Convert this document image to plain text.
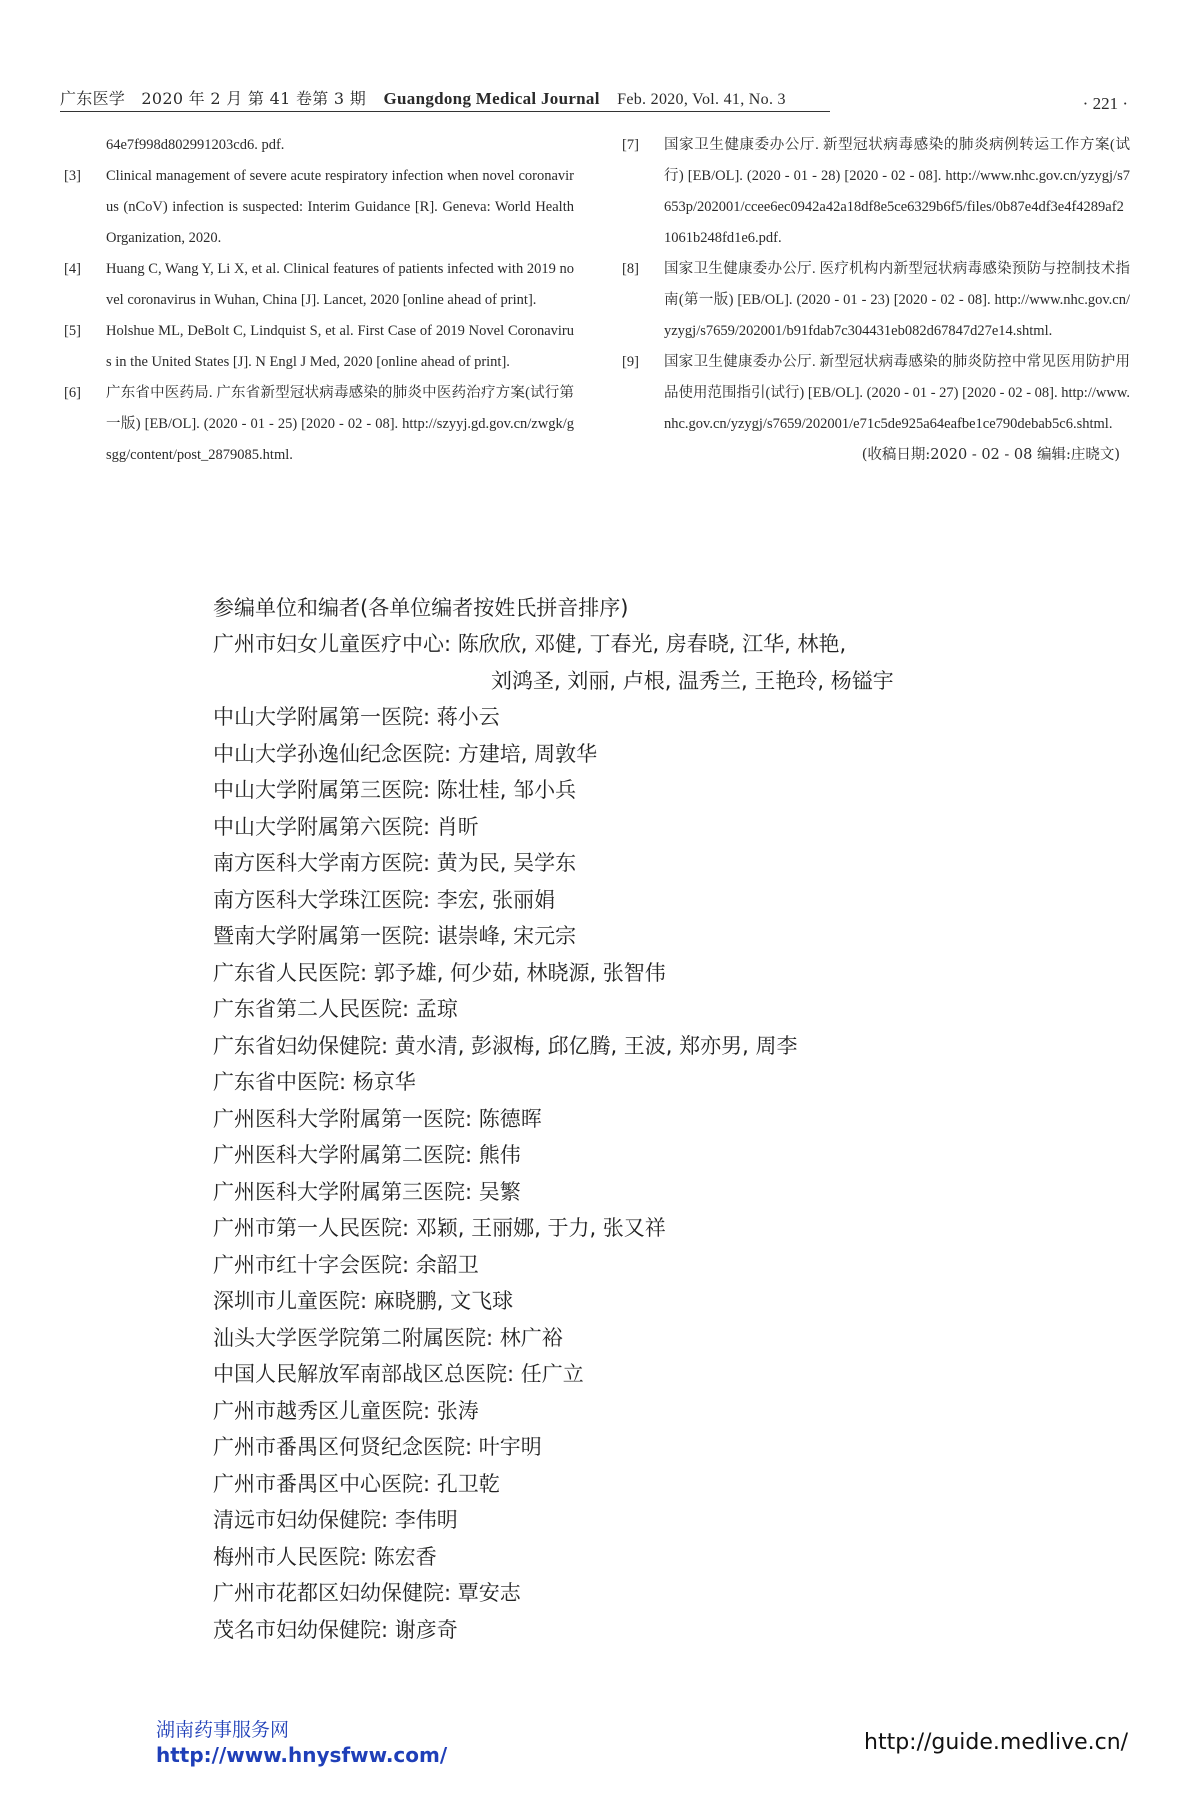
广东医学 2020 年 2 月 第 41 卷第 3 期 Guangdong Medical Journal Feb. 2020, Vol. 41, No. 3	· 221 ·
64e7f998d802991203cd6. pdf.
[3] Clinical management of severe acute respiratory infection when novel coronavirus (nCoV) infection is suspected: Interim Guidance [R]. Geneva: World Health Organization, 2020.
[4] Huang C, Wang Y, Li X, et al. Clinical features of patients infected with 2019 novel coronavirus in Wuhan, China [J]. Lancet, 2020 [online ahead of print].
[5] Holshue ML, DeBolt C, Lindquist S, et al. First Case of 2019 Novel Coronavirus in the United States [J]. N Engl J Med, 2020 [online ahead of print].
[6] 广东省中医药局. 广东省新型冠状病毒感染的肺炎中医药治疗方案(试行第一版) [EB/OL]. (2020 - 01 - 25) [2020 - 02 - 08]. http://szyyj.gd.gov.cn/zwgk/gsgg/content/post_2879085.html.
[7] 国家卫生健康委办公厅. 新型冠状病毒感染的肺炎病例转运工作方案(试行) [EB/OL]. (2020 - 01 - 28) [2020 - 02 - 08]. http://www.nhc.gov.cn/yzygj/s7653p/202001/ccee6ec0942a42a18df8e5ce6329b6f5/files/0b87e4df3e4f4289af21061b248fd1e6.pdf.
[8] 国家卫生健康委办公厅. 医疗机构内新型冠状病毒感染预防与控制技术指南(第一版) [EB/OL]. (2020 - 01 - 23) [2020 - 02 - 08]. http://www.nhc.gov.cn/yzygj/s7659/202001/b91fdab7c304431eb082d67847d27e14.shtml.
[9] 国家卫生健康委办公厅. 新型冠状病毒感染的肺炎防控中常见医用防护用品使用范围指引(试行) [EB/OL]. (2020 - 01 - 27) [2020 - 02 - 08]. http://www.nhc.gov.cn/yzygj/s7659/202001/e71c5de925a64eafbe1ce790debab5c6.shtml.
(收稿日期:2020 - 02 - 08 编辑:庄晓文)
参编单位和编者(各单位编者按姓氏拼音排序)
广州市妇女儿童医疗中心: 陈欣欣, 邓健, 丁春光, 房春晓, 江华, 林艳,
刘鸿圣, 刘丽, 卢根, 温秀兰, 王艳玲, 杨镒宇
中山大学附属第一医院: 蒋小云
中山大学孙逸仙纪念医院: 方建培, 周敦华
中山大学附属第三医院: 陈壮桂, 邹小兵
中山大学附属第六医院: 肖昕
南方医科大学南方医院: 黄为民, 吴学东
南方医科大学珠江医院: 李宏, 张丽娟
暨南大学附属第一医院: 谌崇峰, 宋元宗
广东省人民医院: 郭予雄, 何少茹, 林晓源, 张智伟
广东省第二人民医院: 孟琼
广东省妇幼保健院: 黄水清, 彭淑梅, 邱亿腾, 王波, 郑亦男, 周李
广东省中医院: 杨京华
广州医科大学附属第一医院: 陈德晖
广州医科大学附属第二医院: 熊伟
广州医科大学附属第三医院: 吴繁
广州市第一人民医院: 邓颖, 王丽娜, 于力, 张又祥
广州市红十字会医院: 余韶卫
深圳市儿童医院: 麻晓鹏, 文飞球
汕头大学医学院第二附属医院: 林广裕
中国人民解放军南部战区总医院: 任广立
广州市越秀区儿童医院: 张涛
广州市番禺区何贤纪念医院: 叶宇明
广州市番禺区中心医院: 孔卫乾
清远市妇幼保健院: 李伟明
梅州市人民医院: 陈宏香
广州市花都区妇幼保健院: 覃安志
茂名市妇幼保健院: 谢彦奇
湖南药事服务网
http://www.hnysfww.com/	http://guide.medlive.cn/
